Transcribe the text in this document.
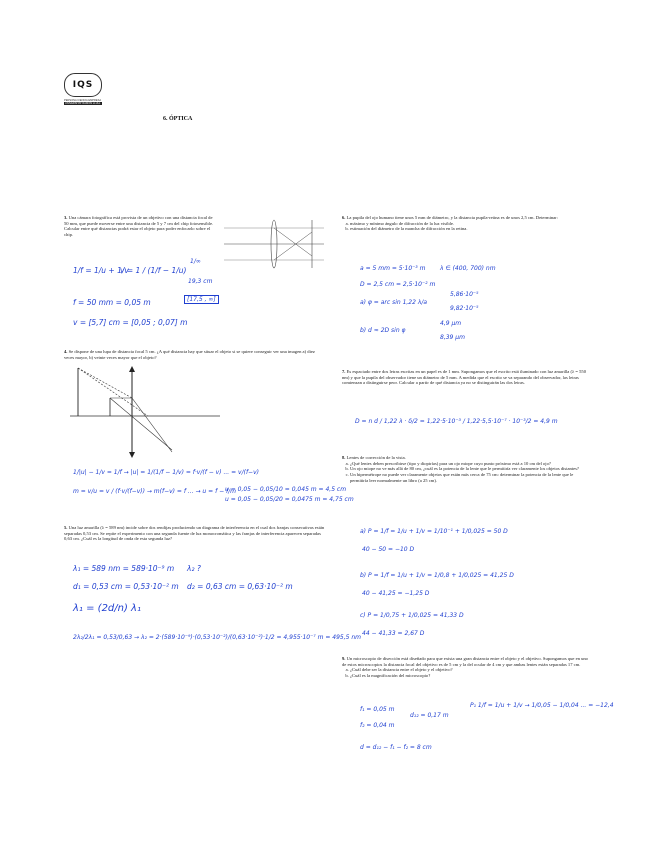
IQS
PERSONA CIENCIA EMPRESA
UNIVERSITAT RAMON LLULL
6. ÓPTICA
3. Una cámara fotográfica está provista de un objetivo con una distancia focal de 50 mm, que puede moverse entre una distancia de 5 y 7 cm del chip fotosensible. Calcular entre qué distancias podrá estar el objeto para poder enfocarlo sobre el chip.
1/f = 1/u + 1/v
v = 1 / (1/f − 1/u)
1/∞
19,3 cm
f = 50 mm = 0,05 m	[17,5 , ∞]
v = [5,7] cm = [0,05 ; 0,07] m
4. Se dispone de una lupa de distancia focal 5 cm. ¿A qué distancia hay que situar el objeto si se quiere conseguir ver una imagen a) diez veces mayor, b) veinte veces mayor que el objeto?
1/|u| − 1/v = 1/f → |u| = 1/(1/f − 1/v) = f·v/(f − v) ... = v/(f−v)
m = v/u = v / (f·v/(f−v)) → m(f−v) = f ... → u = f − f/m
u = 0,05 − 0,05/10 = 0,045 m = 4,5 cm
u = 0,05 − 0,05/20 = 0,0475 m = 4,75 cm
5. Una luz amarilla (λ = 589 nm) incide sobre dos rendijas produciendo un diagrama de interferencia en el cual dos franjas consecutivas están separadas 0,53 cm. Se repite el experimento con una segunda fuente de luz monocromática y las franjas de interferencia aparecen separadas 0,63 cm. ¿Cuál es la longitud de onda de esta segunda luz?
λ₁ = 589 nm = 589·10⁻⁹ m λ₂ ?
d₁ = 0,53 cm = 0,53·10⁻² m d₂ = 0,63 cm = 0,63·10⁻² m
λ₁ = (2d/n) λ₁
2λ₂/2λ₁ = 0,53/0,63 → λ₂ = 2·(589·10⁻⁹)·(0,53·10⁻²)/(0,63·10⁻²)·1/2 = 4,955·10⁻⁷ m = 495,5 nm
6. La pupila del ojo humano tiene unos 5 mm de diámetro, y la distancia pupila-retina es de unos 2,5 cm. Determinar:
a. máximo y mínimo ángulo de difracción de la luz visible.
b. estimación del diámetro de la mancha de difracción en la retina.
a = 5 mm = 5·10⁻³ m λ ∈ (400, 700) nm
D = 2,5 cm = 2,5·10⁻² m
a) φ = arc sin 1,22 λ/a
5,86·10⁻⁵
9,82·10⁻⁵
b) d ≈ 2D sin φ
4,9 μm
8,39 μm
7. Es espaciado entre dos letras escritas en un papel es de 1 mm. Supongamos que el escrito está iluminado con luz amarilla (λ = 550 nm) y que la pupila del observador tiene un diámetro de 5 mm. A medida que el escrito se va separando del observador, las letras comienzan a distinguirse peor. Calcular a partir de qué distancia ya no se distinguirán las dos letras.
D = n d / 1,22 λ · δ/2 = 1,22·5·10⁻³ / 1,22·5,5·10⁻⁷ · 10⁻³/2 = 4,9 m
8. Lentes de corrección de la vista.
a. ¿Qué lentes deben prescribirse (tipo y dioptrías) para un ojo miope cuyo punto próximo está a 10 cm del ojo?
b. Un ojo miope no ve más allá de 80 cm, ¿cuál es la potencia de la lente que le permitiría ver claramente los objetos distantes?
c. Un hipermétrope no puede ver claramente objetos que están más cerca de 75 cm: determinar la potencia de la lente que le permitiría leer normalmente un libro (a 25 cm).
a) P = 1/f = 1/u + 1/v = 1/10⁻¹ + 1/0,025 = 50 D
40 − 50 = −10 D
b) P = 1/f = 1/u + 1/v = 1/0,8 + 1/0,025 = 41,25 D
40 − 41,25 = −1,25 D
c) P = 1/0,75 + 1/0,025 = 41,33 D
44 − 41,33 = 2,67 D
9. Un microscopio de disección está diseñado para que exista una gran distancia entre el objeto y el objetivo. Supongamos que en uno de estos microscopios la distancia focal del objetivo es de 5 cm y la del ocular de 4 cm y que ambas lentes están separadas 17 cm.
a. ¿Cuál debe ser la distancia entre el objeto y el objetivo?
b. ¿Cuál es la magnificación del microscopio?
f₁ = 0,05 m
d₁₂ = 0,17 m
P₁ 1/f = 1/u + 1/v → 1/0,05 − 1/0,04 ... = −12,4
f₂ = 0,04 m
d = d₁₂ − f₁ − f₂ = 8 cm
